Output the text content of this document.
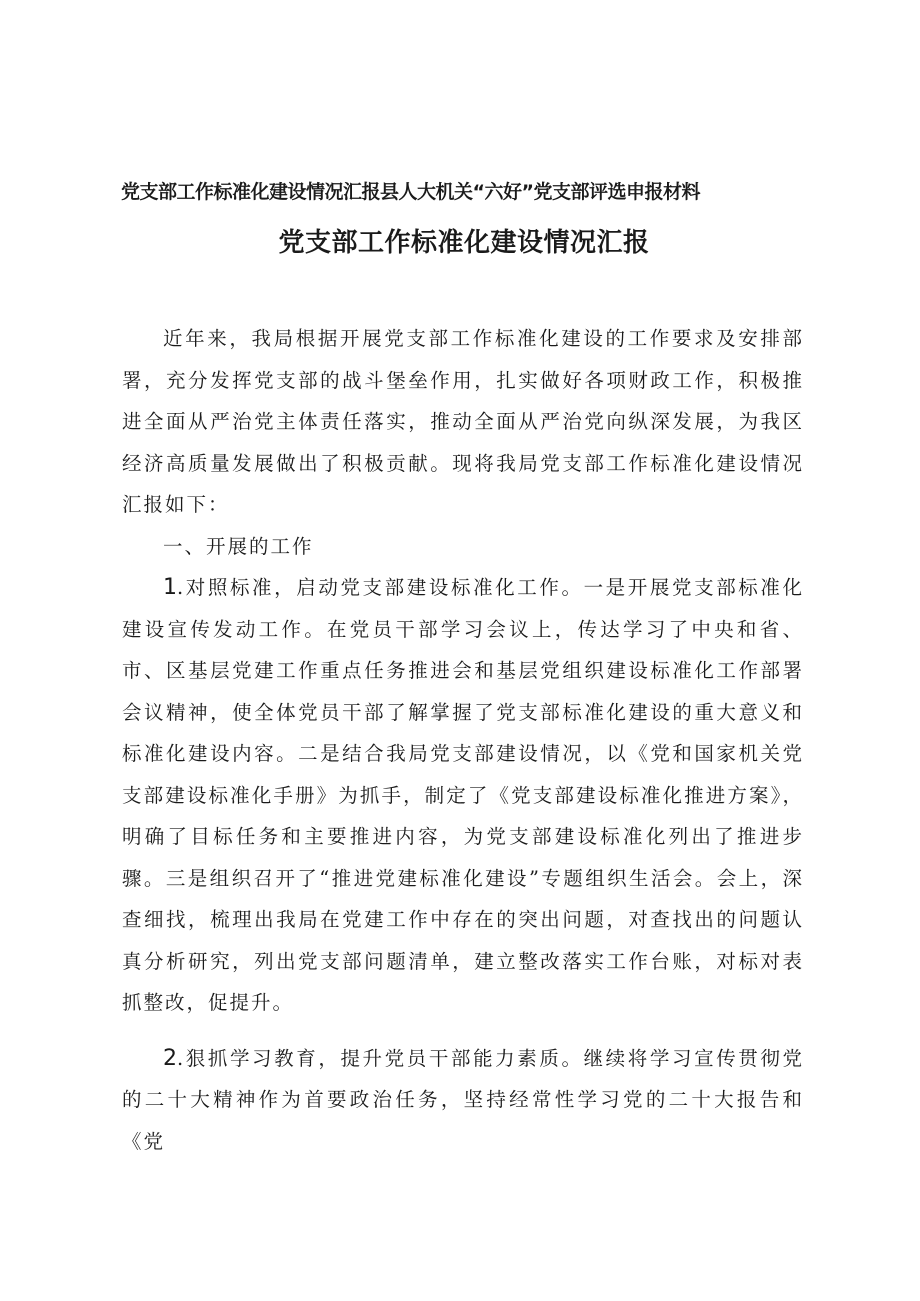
党支部工作标准化建设情况汇报县人大机关“六好”党支部评选申报材料
党支部工作标准化建设情况汇报

近年来，我局根据开展党支部工作标准化建设的工作要求及安排部署，充分发挥党支部的战斗堡垒作用，扎实做好各项财政工作，积极推进全面从严治党主体责任落实，推动全面从严治党向纵深发展，为我区经济高质量发展做出了积极贡献。现将我局党支部工作标准化建设情况汇报如下：

一、开展的工作

1.对照标准，启动党支部建设标准化工作。一是开展党支部标准化建设宣传发动工作。在党员干部学习会议上，传达学习了中央和省、市、区基层党建工作重点任务推进会和基层党组织建设标准化工作部署会议精神，使全体党员干部了解掌握了党支部标准化建设的重大意义和标准化建设内容。二是结合我局党支部建设情况，以《党和国家机关党支部建设标准化手册》为抓手，制定了《党支部建设标准化推进方案》，明确了目标任务和主要推进内容，为党支部建设标准化列出了推进步骤。三是组织召开了“推进党建标准化建设”专题组织生活会。会上，深查细找，梳理出我局在党建工作中存在的突出问题，对查找出的问题认真分析研究，列出党支部问题清单，建立整改落实工作台账，对标对表抓整改，促提升。

2.狠抓学习教育，提升党员干部能力素质。继续将学习宣传贯彻党的二十大精神作为首要政治任务，坚持经常性学习党的二十大报告和《党
